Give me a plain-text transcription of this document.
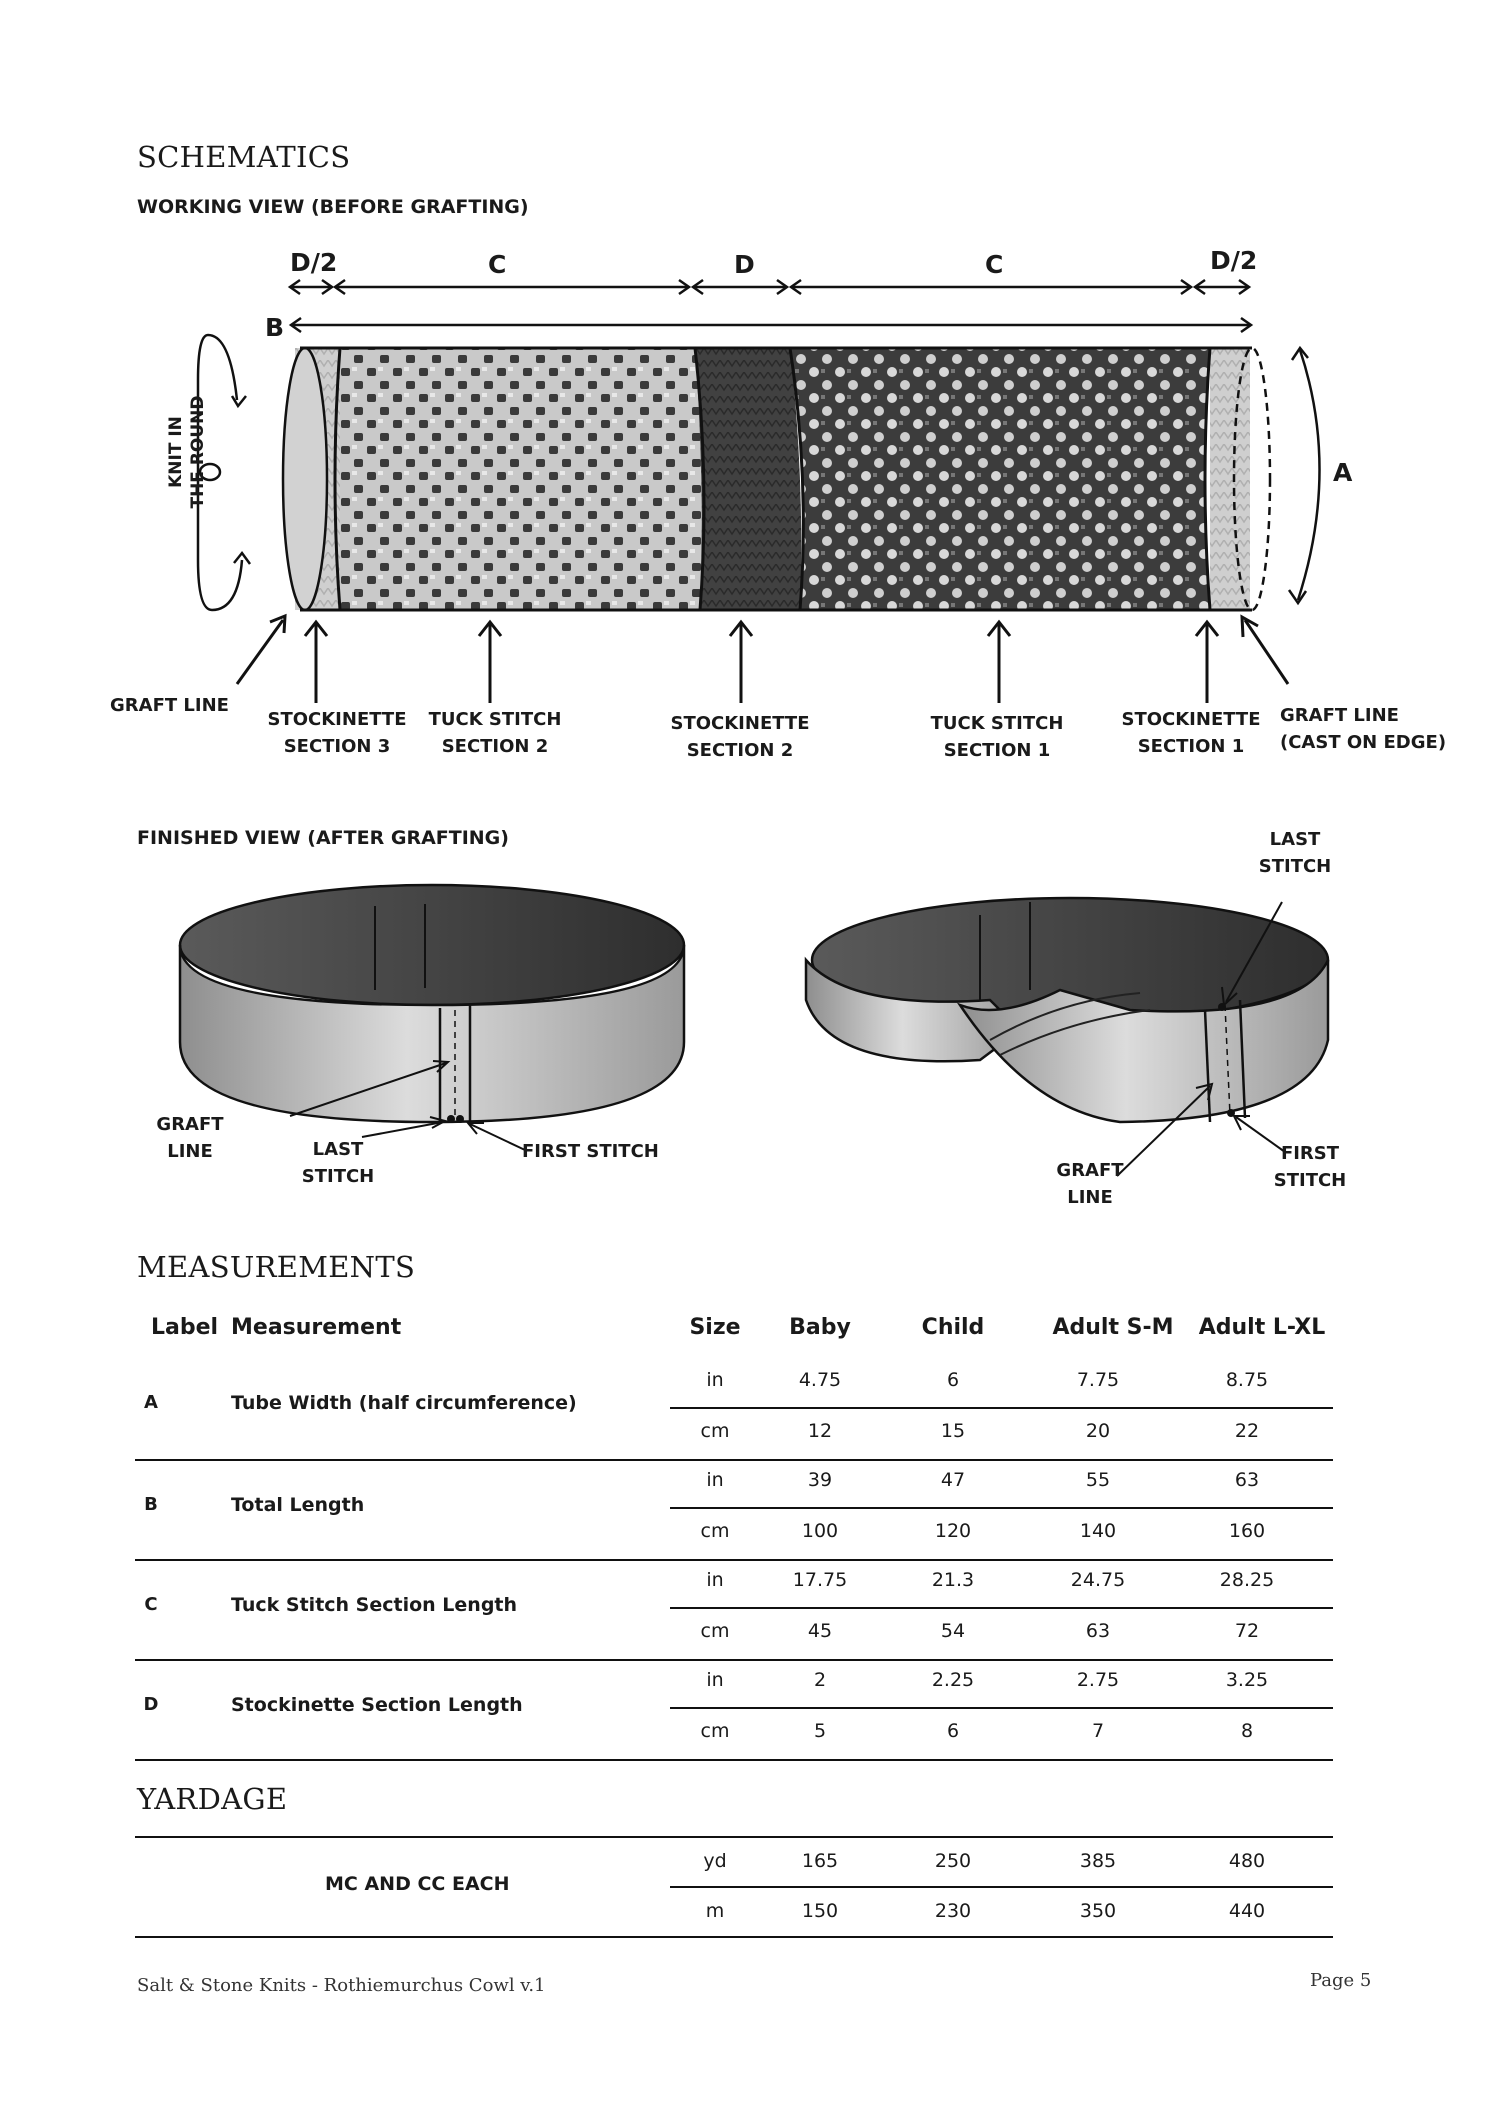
SCHEMATICS
WORKING VIEW (BEFORE GRAFTING)
D/2	C	D	C	D/2
B
A
KNIT IN
THE ROUND
GRAFT LINE
STOCKINETTE
SECTION 3
TUCK STITCH
SECTION 2
STOCKINETTE
SECTION 2
TUCK STITCH
SECTION 1
STOCKINETTE
SECTION 1
GRAFT LINE
(CAST ON EDGE)
FINISHED VIEW (AFTER GRAFTING)	LAST
STITCH
GRAFT
LINE	LAST
STITCH
FIRST STITCH
GRAFT
LINE
FIRST
STITCH
MEASUREMENTS
Label Measurement	Size	Baby	Child	Adult S-M	Adult L-XL
A	Tube Width (half circumference)
in	4.75	6	7.75	8.75
cm	12	15	20	22
B	Total Length
in	39	47	55	63
cm	100	120	140	160
C	Tuck Stitch Section Length
in	17.75	21.3	24.75	28.25
cm	45	54	63	72
D	Stockinette Section Length
in	2	2.25	2.75	3.25
cm	5	6	7	8
YARDAGE
MC AND CC EACH
yd	165	250	385	480
m	150	230	350	440
Salt & Stone Knits - Rothiemurchus Cowl v.1	Page 5
